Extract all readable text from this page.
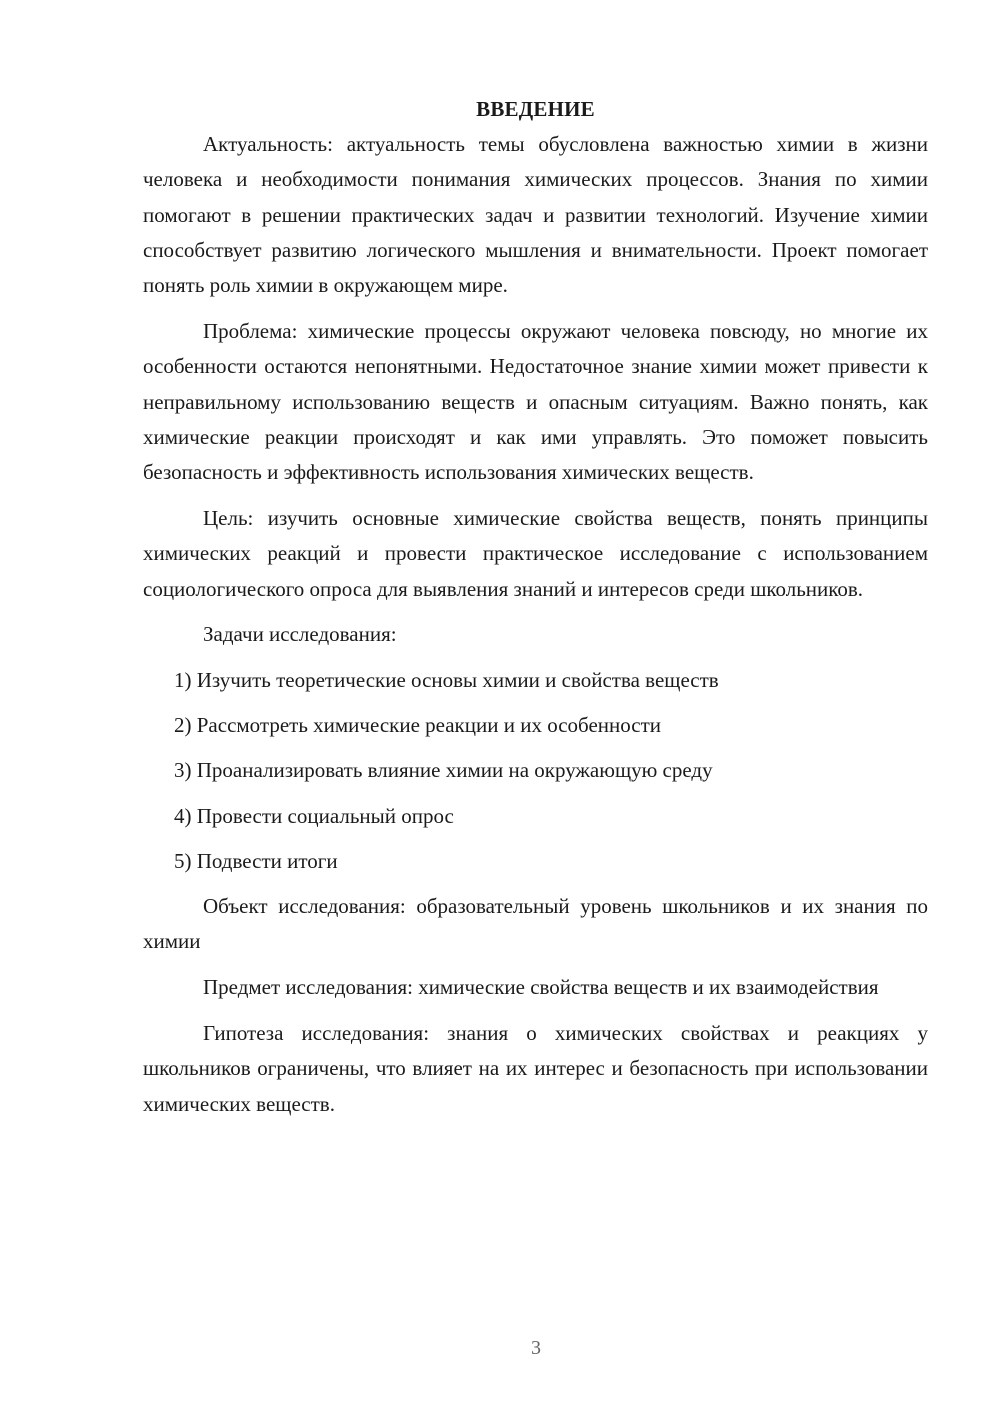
ВВЕДЕНИЕ

Актуальность: актуальность темы обусловлена важностью химии в жизни человека и необходимости понимания химических процессов. Знания по химии помогают в решении практических задач и развитии технологий. Изучение химии способствует развитию логического мышления и внимательности. Проект помогает понять роль химии в окружающем мире.

Проблема: химические процессы окружают человека повсюду, но многие их особенности остаются непонятными. Недостаточное знание химии может привести к неправильному использованию веществ и опасным ситуациям. Важно понять, как химические реакции происходят и как ими управлять. Это поможет повысить безопасность и эффективность использования химических веществ.

Цель: изучить основные химические свойства веществ, понять принципы химических реакций и провести практическое исследование с использованием социологического опроса для выявления знаний и интересов среди школьников.

Задачи исследования:

1) Изучить теоретические основы химии и свойства веществ
2) Рассмотреть химические реакции и их особенности
3) Проанализировать влияние химии на окружающую среду
4) Провести социальный опрос
5) Подвести итоги

Объект исследования: образовательный уровень школьников и их знания по химии

Предмет исследования: химические свойства веществ и их взаимодействия

Гипотеза исследования: знания о химических свойствах и реакциях у школьников ограничены, что влияет на их интерес и безопасность при использовании химических веществ.

3
